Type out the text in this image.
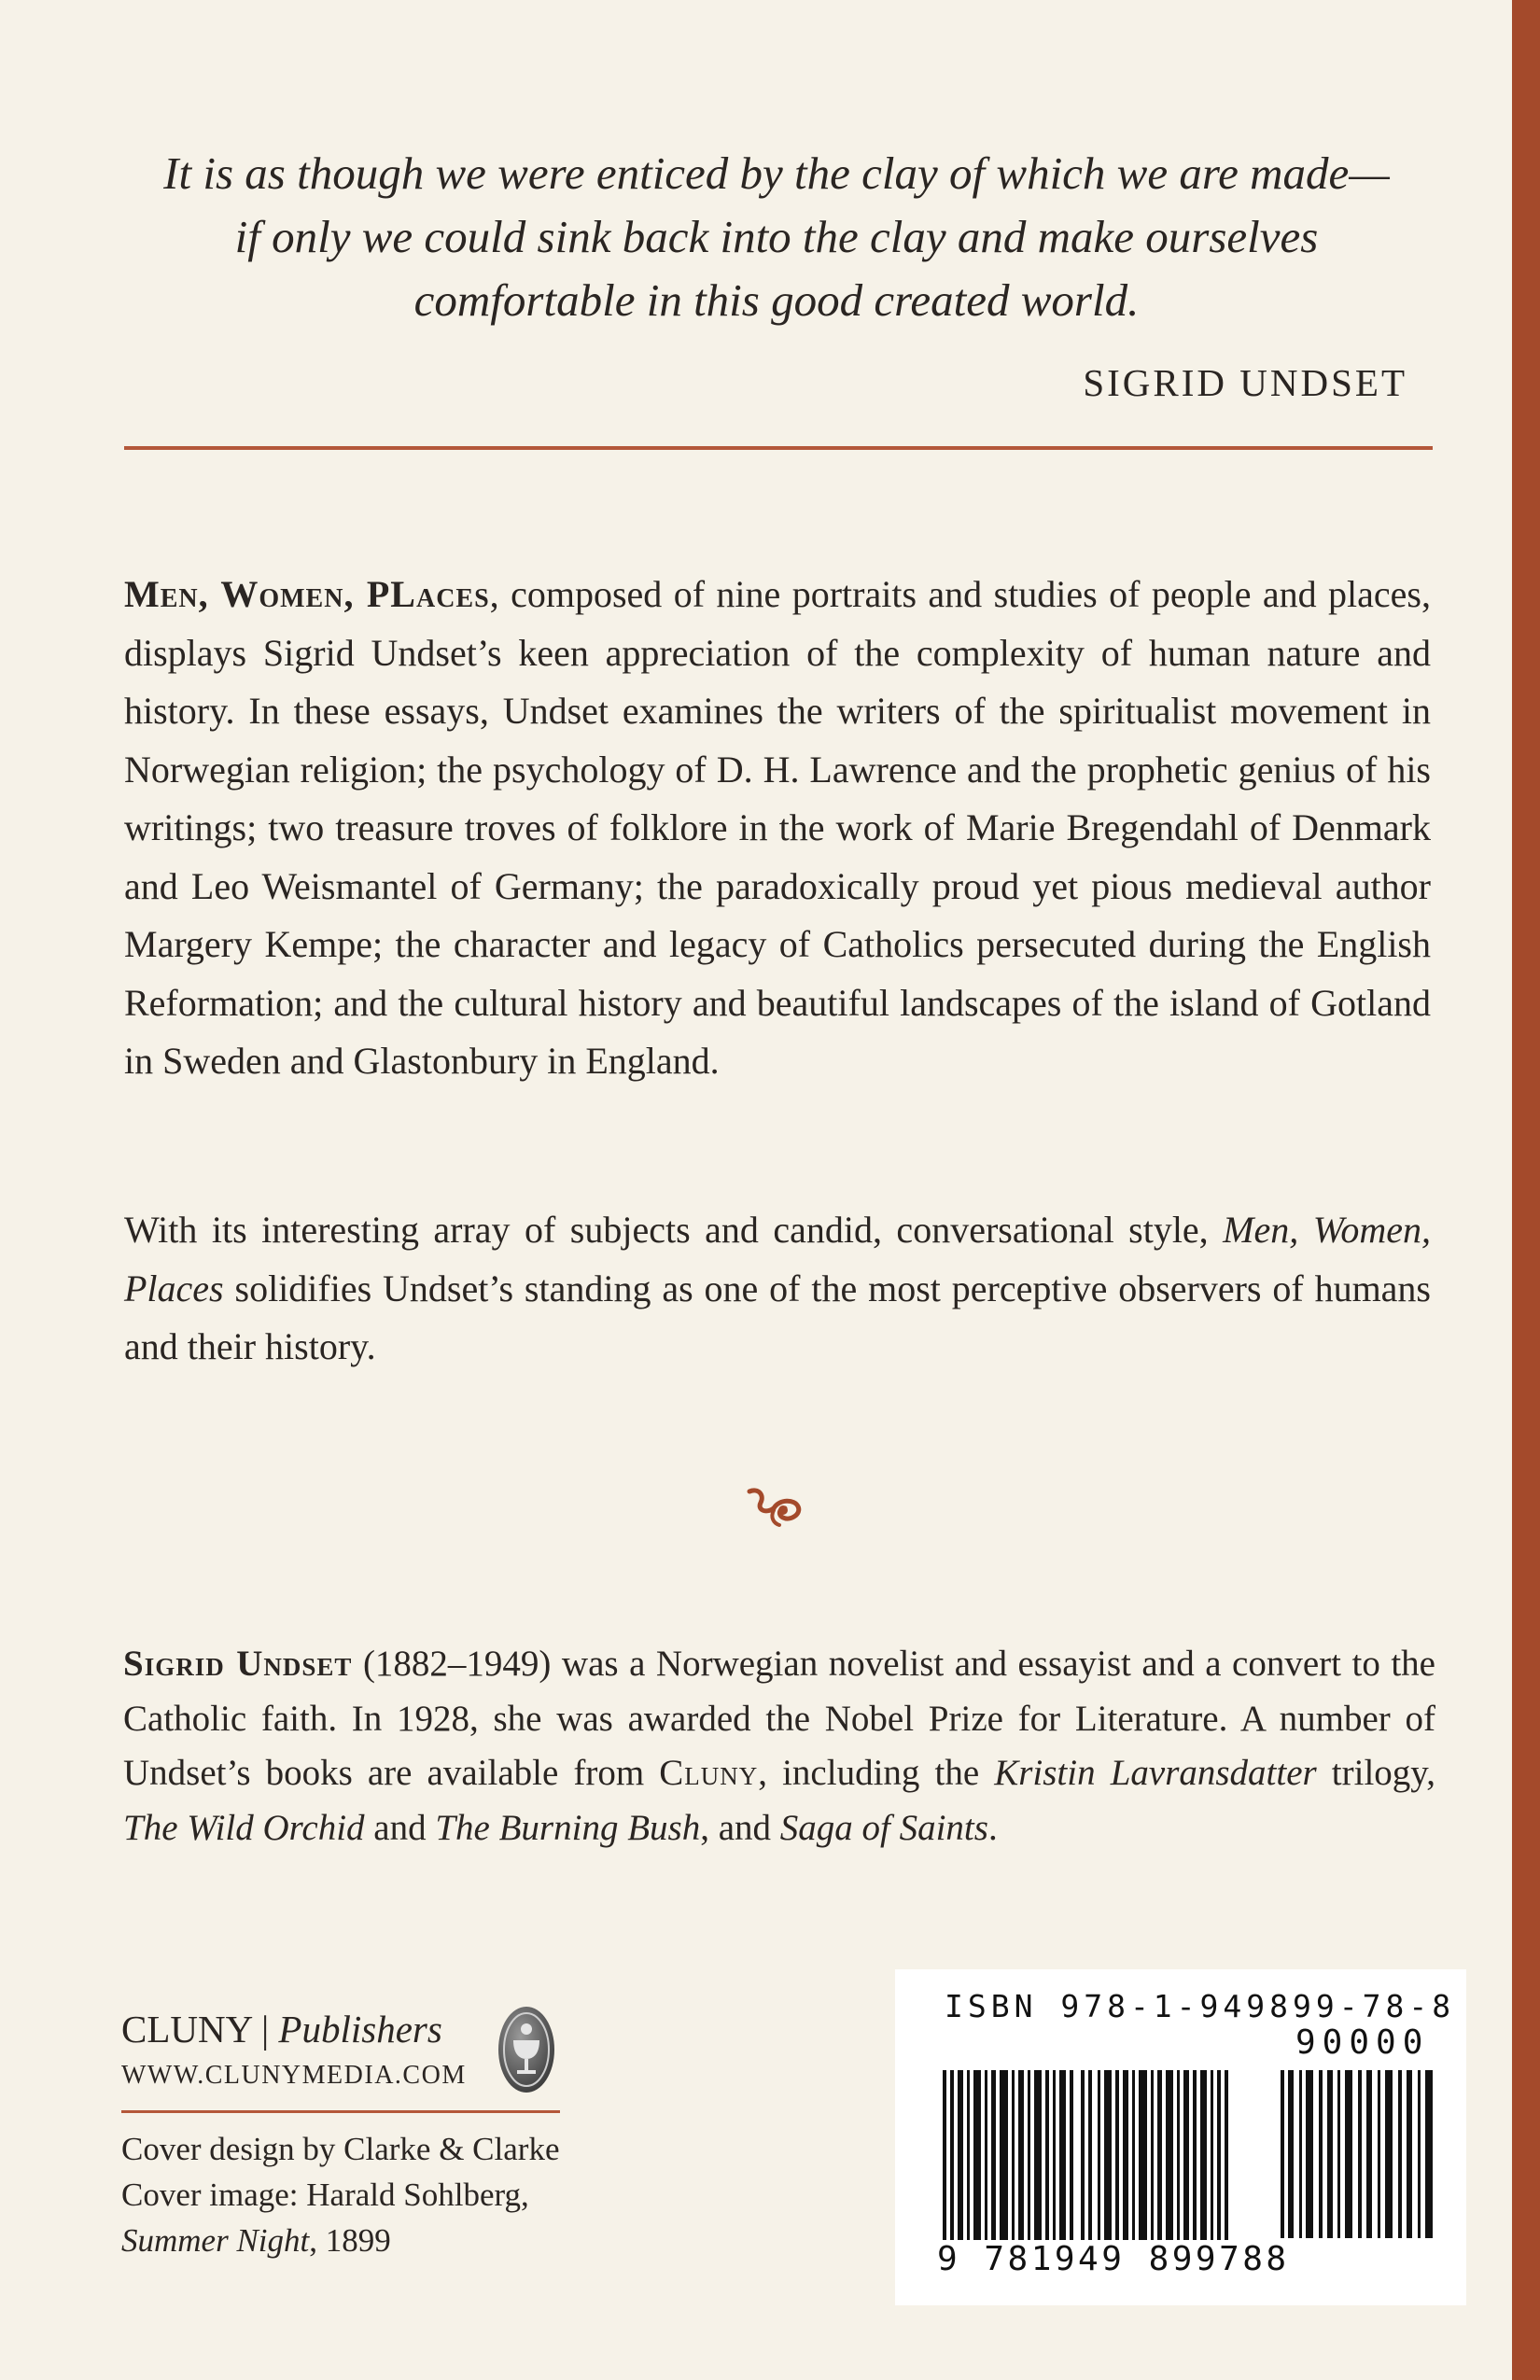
It is as though we were enticed by the clay of which we are made—

if only we could sink back into the clay and make ourselves

comfortable in this good created world.

SIGRID UNDSET

Men, Women, PLaces, composed of nine portraits and studies of people and places, displays Sigrid Undset’s keen appreciation of the complexity of human nature and history. In these essays, Undset examines the writers of the spiritualist movement in Norwegian religion; the psychology of D. H. Lawrence and the prophetic genius of his writings; two treasure troves of folklore in the work of Marie Bregendahl of Denmark and Leo Weismantel of Germany; the paradoxically proud yet pious medieval author Margery Kempe; the character and legacy of Catholics persecuted during the English Reformation; and the cultural history and beautiful landscapes of the island of Gotland in Sweden and Glastonbury in England.

With its interesting array of subjects and candid, conversational style, Men, Women, Places solidifies Undset’s standing as one of the most perceptive observers of humans and their history.

Sigrid Undset (1882–1949) was a Norwegian novelist and essayist and a convert to the Catholic faith. In 1928, she was awarded the Nobel Prize for Literature. A number of Undset’s books are available from Cluny, including the Kristin Lavransdatter trilogy, The Wild Orchid and The Burning Bush, and Saga of Saints.

CLUNY | Publishers
WWW.CLUNYMEDIA.COM

Cover design by Clarke & Clarke

Cover image: Harald Sohlberg,

Summer Night, 1899

ISBN 978-1-949899-78-8
90000
9 781949 899788
